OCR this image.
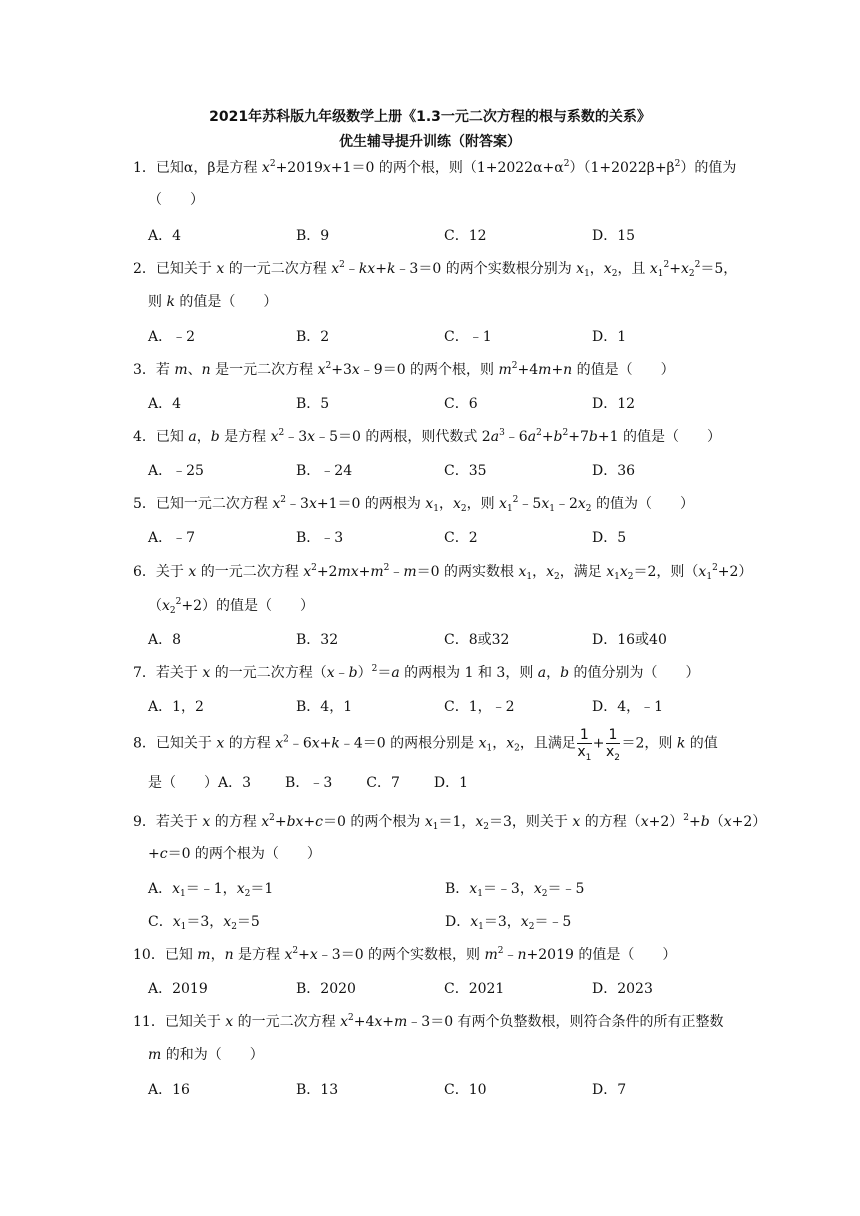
2021年苏科版九年级数学上册《1.3一元二次方程的根与系数的关系》
优生辅导提升训练（附答案）
1．已知α，β是方程 $x^2+2019x+1=0$ 的两个根，则$(1+2022\alpha+\alpha^2)(1+2022\beta+\beta^2)$的值为
（　　）
A．4	B．9	C．12	D．15
2．已知关于 x 的一元二次方程 $x^2﹣kx+k﹣3=0$ 的两个实数根分别为 $x_1$，$x_2$，且 $x_1^2+x_2^2=5$，
则 k 的值是（　　）
A．﹣2	B．2	C．﹣1	D．1
3．若 m、n 是一元二次方程 $x^2+3x﹣9=0$ 的两个根，则 $m^2+4m+n$ 的值是（　　）
A．4	B．5	C．6	D．12
4．已知 a，b 是方程 $x^2﹣3x﹣5=0$ 的两根，则代数式 $2a^3﹣6a^2+b^2+7b+1$ 的值是（　　）
A．﹣25	B．﹣24	C．35	D．36
5．已知一元二次方程 $x^2﹣3x+1=0$ 的两根为 $x_1$，$x_2$，则 $x_1^2﹣5x_1﹣2x_2$ 的值为（　　）
A．﹣7	B．﹣3	C．2	D．5
6．关于 x 的一元二次方程 $x^2+2mx+m^2﹣m=0$ 的两实数根 $x_1$，$x_2$，满足 $x_1x_2=2$，则$(x_1^2+2)$
$(x_2^2+2)$的值是（　　）
A．8	B．32	C．8或32	D．16或40
7．若关于 x 的一元二次方程（x﹣b）$^2$＝a 的两根为 1 和 3，则 a，b 的值分别为（　　）
A．1，2	B．4，1	C．1，﹣2	D．4，﹣1
8．已知关于 x 的方程 $x^2﹣6x+k﹣4=0$ 的两根分别是 $x_1$，$x_2$，且满足 $\frac{1}{x_1} + \frac{1}{x_2} =2$，则 k 的值
是（　　）A．3 B．﹣3 C．7 D．1
9．若关于 x 的方程 $x^2+bx+c=0$ 的两个根为 $x_1=1$，$x_2=3$，则关于 x 的方程$(x+2)^2+b(x+2)$
+c＝0 的两个根为（　　）
A．$x_1=﹣1$，$x_2=1$	B．$x_1=﹣3$，$x_2=﹣5$
C．$x_1=3$，$x_2=5$	D．$x_1=3$，$x_2=﹣5$
10．已知 m，n 是方程 $x^2+x﹣3=0$ 的两个实数根，则 $m^2﹣n+2019$ 的值是（　　）
A．2019	B．2020	C．2021	D．2023
11．已知关于 x 的一元二次方程 $x^2+4x+m﹣3=0$ 有两个负整数根，则符合条件的所有正整数
m 的和为（　　）
A．16	B．13	C．10	D．7
